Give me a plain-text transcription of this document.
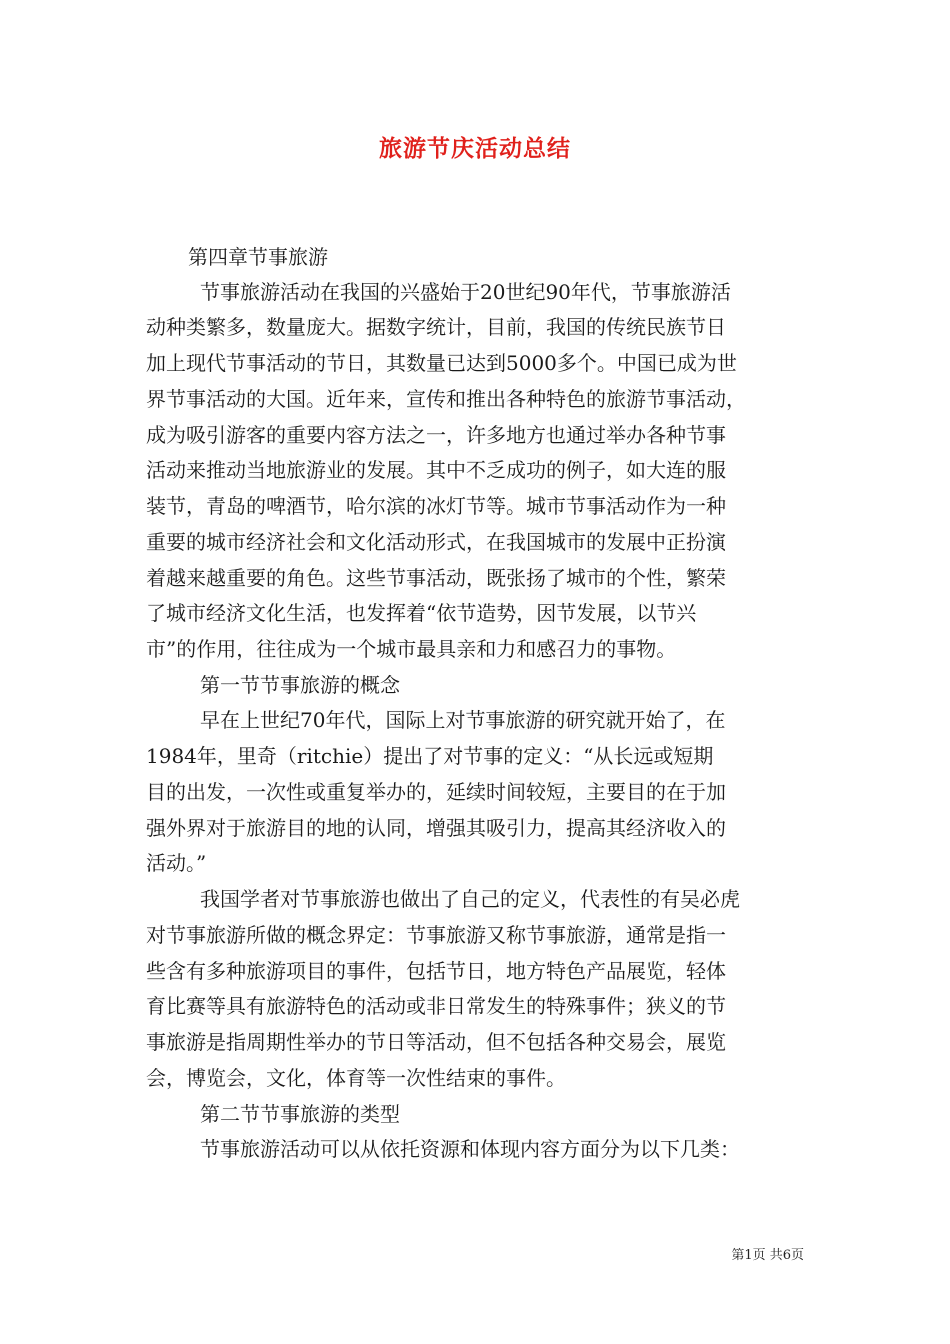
旅游节庆活动总结
第四章节事旅游
节事旅游活动在我国的兴盛始于20世纪90年代，节事旅游活
动种类繁多，数量庞大。据数字统计，目前，我国的传统民族节日
加上现代节事活动的节日，其数量已达到5000多个。中国已成为世
界节事活动的大国。近年来，宣传和推出各种特色的旅游节事活动，
成为吸引游客的重要内容方法之一，许多地方也通过举办各种节事
活动来推动当地旅游业的发展。其中不乏成功的例子，如大连的服
装节，青岛的啤酒节，哈尔滨的冰灯节等。城市节事活动作为一种
重要的城市经济社会和文化活动形式，在我国城市的发展中正扮演
着越来越重要的角色。这些节事活动，既张扬了城市的个性，繁荣
了城市经济文化生活，也发挥着“依节造势，因节发展，以节兴
市”的作用，往往成为一个城市最具亲和力和感召力的事物。
第一节节事旅游的概念
早在上世纪70年代，国际上对节事旅游的研究就开始了，在
1984年，里奇（ritchie）提出了对节事的定义：“从长远或短期
目的出发，一次性或重复举办的，延续时间较短，主要目的在于加
强外界对于旅游目的地的认同，增强其吸引力，提高其经济收入的
活动。”
我国学者对节事旅游也做出了自己的定义，代表性的有吴必虎
对节事旅游所做的概念界定：节事旅游又称节事旅游，通常是指一
些含有多种旅游项目的事件，包括节日，地方特色产品展览，轻体
育比赛等具有旅游特色的活动或非日常发生的特殊事件；狭义的节
事旅游是指周期性举办的节日等活动，但不包括各种交易会，展览
会，博览会，文化，体育等一次性结束的事件。
第二节节事旅游的类型
节事旅游活动可以从依托资源和体现内容方面分为以下几类：
第1页 共6页
